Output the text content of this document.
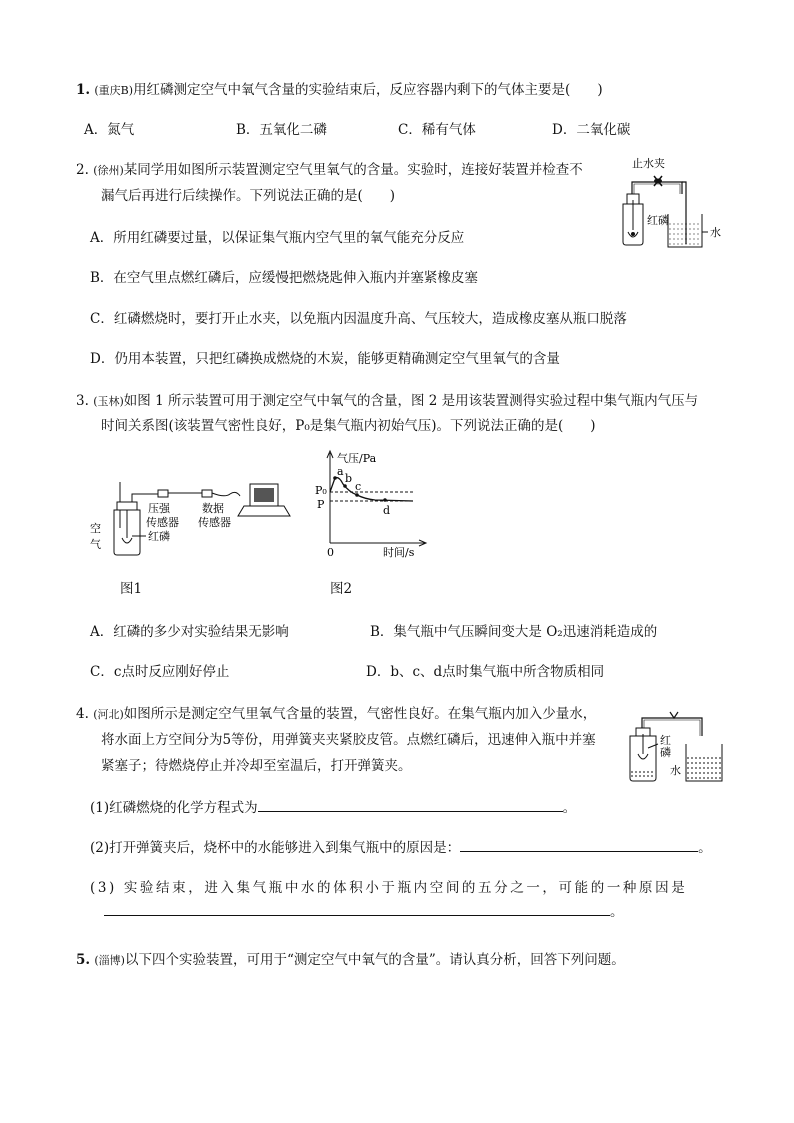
1. (重庆B)用红磷测定空气中氧气含量的实验结束后，反应容器内剩下的气体主要是(　　)
A．氮气	B．五氧化二磷	C．稀有气体	D．二氧化碳
2. (徐州)某同学用如图所示装置测定空气里氧气的含量。实验时，连接好装置并检查不
漏气后再进行后续操作。下列说法正确的是(　　)
A．所用红磷要过量，以保证集气瓶内空气里的氧气能充分反应
B．在空气里点燃红磷后，应缓慢把燃烧匙伸入瓶内并塞紧橡皮塞
C．红磷燃烧时，要打开止水夹，以免瓶内因温度升高、气压较大，造成橡皮塞从瓶口脱落
D．仍用本装置，只把红磷换成燃烧的木炭，能够更精确测定空气里氧气的含量
止水夹
红磷
水
3. (玉林)如图 1 所示装置可用于测定空气中氧气的含量，图 2 是用该装置测得实验过程中集气瓶内气压与
时间关系图(该装置气密性良好，P₀是集气瓶内初始气压)。下列说法正确的是(　　)
压强
传感器
数据
传感器
红磷
空
气
图1
气压/Pa
时间/s
0
P₀
P
a
b
c
d
图2
A．红磷的多少对实验结果无影响	B．集气瓶中气压瞬间变大是 O₂迅速消耗造成的
C．c点时反应刚好停止	D．b、c、d点时集气瓶中所含物质相同
4. (河北)如图所示是测定空气里氧气含量的装置，气密性良好。在集气瓶内加入少量水，
将水面上方空间分为5等份，用弹簧夹夹紧胶皮管。点燃红磷后，迅速伸入瓶中并塞
紧塞子；待燃烧停止并冷却至室温后，打开弹簧夹。
红
磷
水
(1)红磷燃烧的化学方程式为	。
(2)打开弹簧夹后，烧杯中的水能够进入到集气瓶中的原因是：	。
(3) 实验结束，进入集气瓶中水的体积小于瓶内空间的五分之一，可能的一种原因是
。
5. (淄博)以下四个实验装置，可用于“测定空气中氧气的含量”。请认真分析，回答下列问题。
